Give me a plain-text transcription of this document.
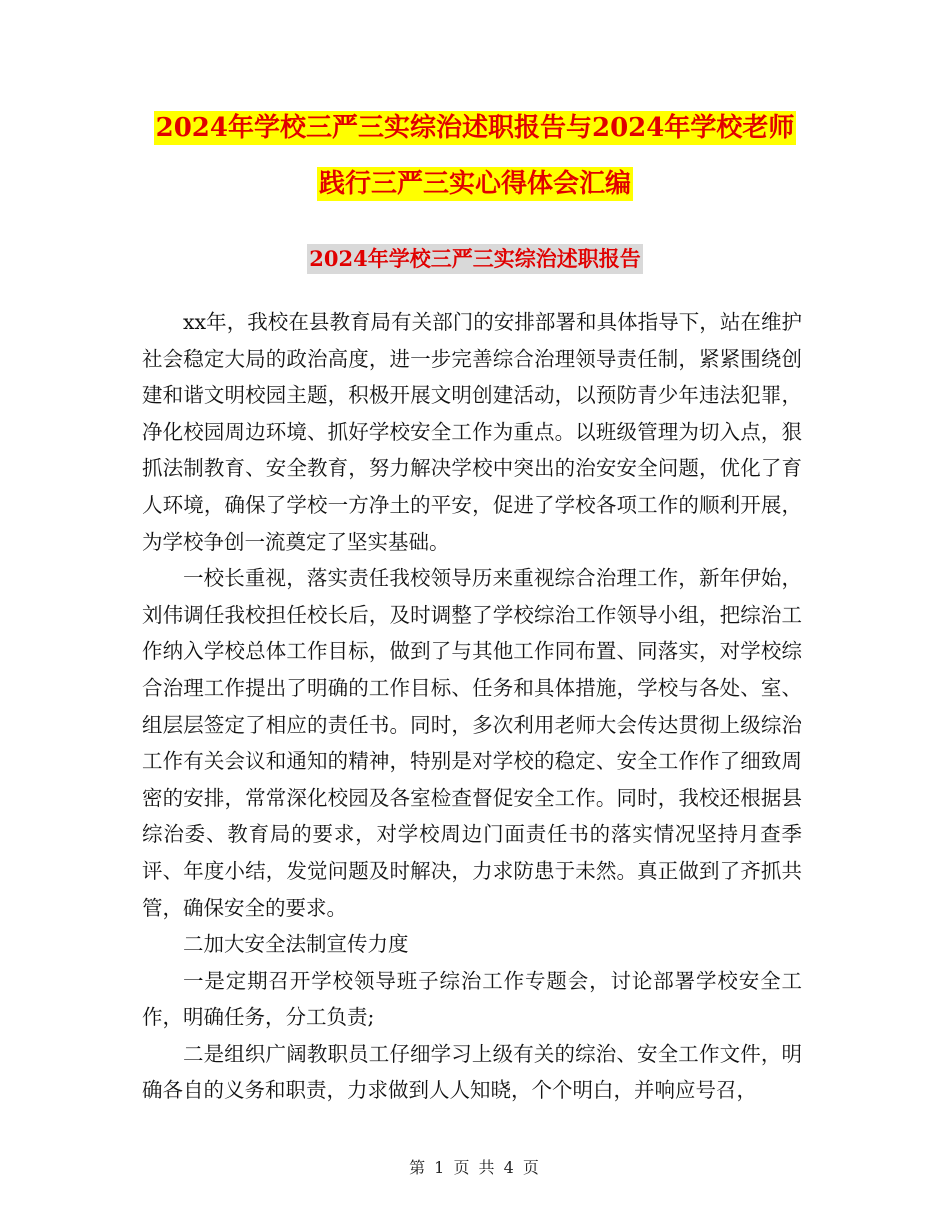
2024年学校三严三实综治述职报告与2024年学校老师
践行三严三实心得体会汇编
2024年学校三严三实综治述职报告

xx年，我校在县教育局有关部门的安排部署和具体指导下，站在维护社会稳定大局的政治高度，进一步完善综合治理领导责任制，紧紧围绕创建和谐文明校园主题，积极开展文明创建活动，以预防青少年违法犯罪，净化校园周边环境、抓好学校安全工作为重点。以班级管理为切入点，狠抓法制教育、安全教育，努力解决学校中突出的治安安全问题，优化了育人环境，确保了学校一方净土的平安，促进了学校各项工作的顺利开展，为学校争创一流奠定了坚实基础。

一校长重视，落实责任我校领导历来重视综合治理工作，新年伊始，刘伟调任我校担任校长后，及时调整了学校综治工作领导小组，把综治工作纳入学校总体工作目标，做到了与其他工作同布置、同落实，对学校综合治理工作提出了明确的工作目标、任务和具体措施，学校与各处、室、组层层签定了相应的责任书。同时，多次利用老师大会传达贯彻上级综治工作有关会议和通知的精神，特别是对学校的稳定、安全工作作了细致周密的安排，常常深化校园及各室检查督促安全工作。同时，我校还根据县综治委、教育局的要求，对学校周边门面责任书的落实情况坚持月查季评、年度小结，发觉问题及时解决，力求防患于未然。真正做到了齐抓共管，确保安全的要求。

二加大安全法制宣传力度

一是定期召开学校领导班子综治工作专题会，讨论部署学校安全工作，明确任务，分工负责;

二是组织广阔教职员工仔细学习上级有关的综治、安全工作文件，明确各自的义务和职责，力求做到人人知晓，个个明白，并响应号召，

第 1 页 共 4 页
